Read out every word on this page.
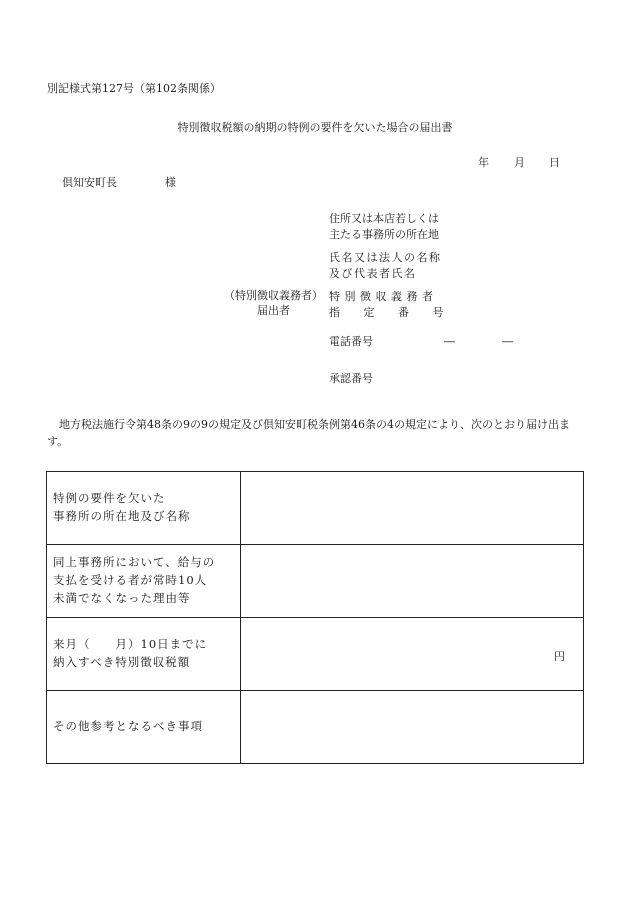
別記様式第127号（第102条関係）
特別徴収税額の納期の特例の要件を欠いた場合の届出書
年 月 日
倶知安町長	様
住所又は本店若しくは
主たる事務所の所在地
氏名又は法人の名称
及び代表者氏名
（特別徴収義務者）
届出者
特 別 徴 収 義 務 者
指　　定　　番　　号
電話番号	―	―
承認番号
地方税法施行令第48条の9の9の規定及び倶知安町税条例第46条の4の規定により、次のとおり届け出ます。
特例の要件を欠いた
事務所の所在地及び名称	

同上事務所において、給与の
支払を受ける者が常時10人
未満でなくなった理由等	

来月（　　月）10日までに
納入すべき特別徴収税額	円

その他参考となるべき事項	
